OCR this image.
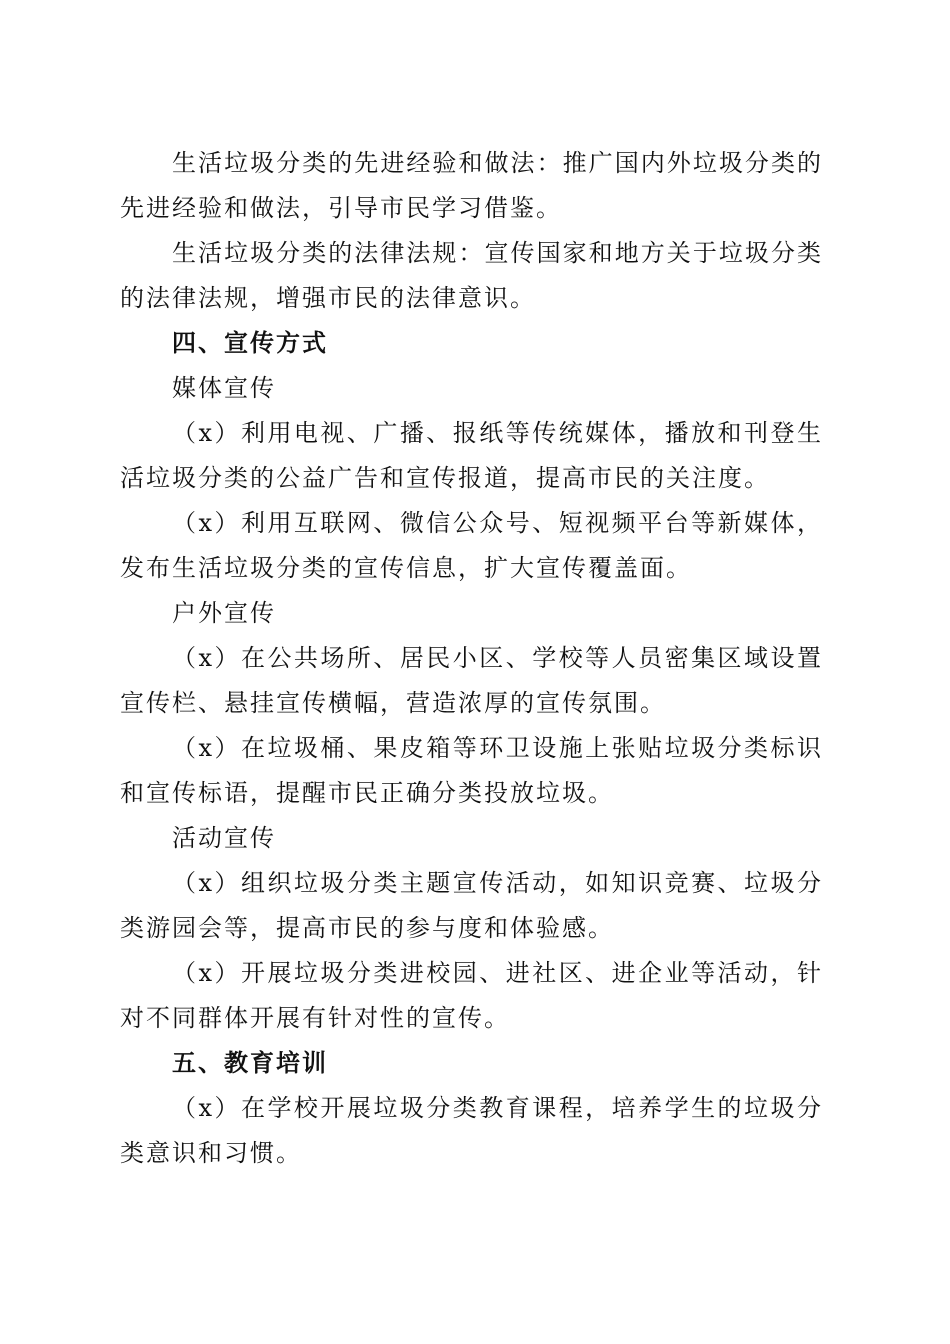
生活垃圾分类的先进经验和做法：推广国内外垃圾分类的先进经验和做法，引导市民学习借鉴。

生活垃圾分类的法律法规：宣传国家和地方关于垃圾分类的法律法规，增强市民的法律意识。

四、宣传方式

媒体宣传

（x）利用电视、广播、报纸等传统媒体，播放和刊登生活垃圾分类的公益广告和宣传报道，提高市民的关注度。

（x）利用互联网、微信公众号、短视频平台等新媒体，发布生活垃圾分类的宣传信息，扩大宣传覆盖面。

户外宣传

（x）在公共场所、居民小区、学校等人员密集区域设置宣传栏、悬挂宣传横幅，营造浓厚的宣传氛围。

（x）在垃圾桶、果皮箱等环卫设施上张贴垃圾分类标识和宣传标语，提醒市民正确分类投放垃圾。

活动宣传

（x）组织垃圾分类主题宣传活动，如知识竞赛、垃圾分类游园会等，提高市民的参与度和体验感。

（x）开展垃圾分类进校园、进社区、进企业等活动，针对不同群体开展有针对性的宣传。

五、教育培训

（x）在学校开展垃圾分类教育课程，培养学生的垃圾分类意识和习惯。
